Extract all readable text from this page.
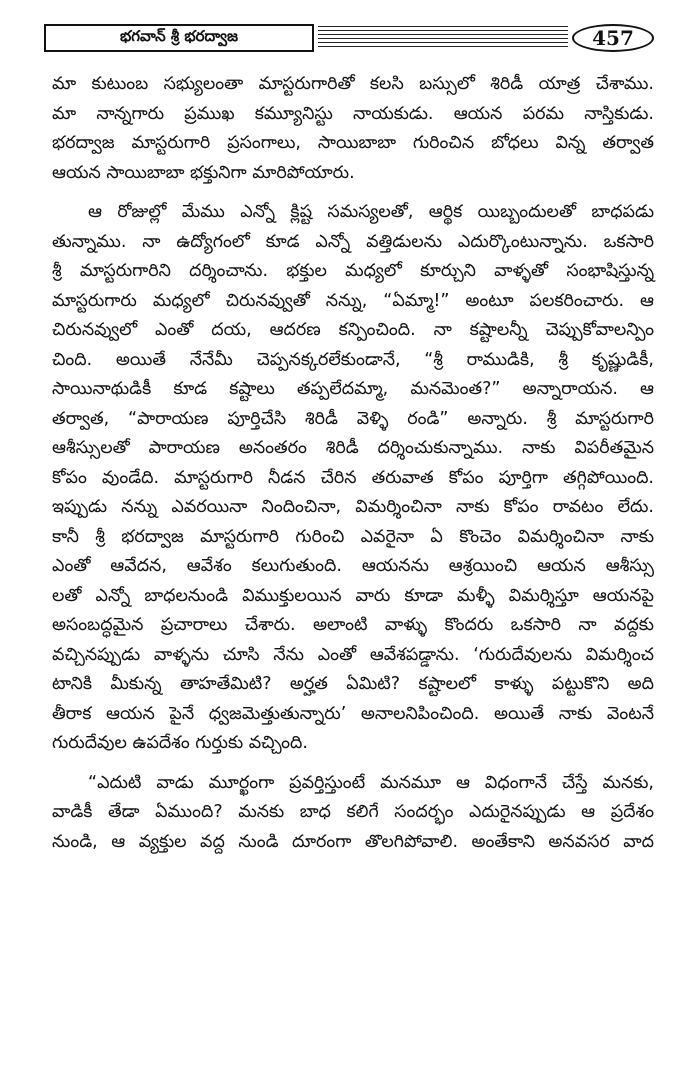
భగవాన్ శ్రీ భరద్వాజ	457
మా కుటుంబ సభ్యులంతా మాస్టరుగారితో కలసి బస్సులో శిరిడీ యాత్ర చేశాము.
మా నాన్నగారు ప్రముఖ కమ్యూనిస్టు నాయకుడు. ఆయన పరమ నాస్తికుడు.
భరద్వాజ మాస్టరుగారి ప్రసంగాలు, సాయిబాబా గురించిన బోధలు విన్న తర్వాత
ఆయన సాయిబాబా భక్తునిగా మారిపోయారు.
ఆ రోజుల్లో మేము ఎన్నో క్లిష్ట సమస్యలతో, ఆర్థిక యిబ్బందులతో బాధపడు
తున్నాము. నా ఉద్యోగంలో కూడ ఎన్నో వత్తిడులను ఎదుర్కొంటున్నాను. ఒకసారి
శ్రీ మాస్టరుగారిని దర్శించాను. భక్తుల మధ్యలో కూర్చుని వాళ్ళతో సంభాషిస్తున్న
మాస్టరుగారు మధ్యలో చిరునవ్వుతో నన్ను, “ఏమ్మా!” అంటూ పలకరించారు. ఆ
చిరునవ్వులో ఎంతో దయ, ఆదరణ కన్పించింది. నా కష్టాలన్నీ చెప్పుకోవాలన్పిం
చింది. అయితే నేనేమీ చెప్పనక్కరలేకుండానే, “శ్రీ రాముడికి, శ్రీ కృష్ణుడికీ,
సాయినాథుడికీ కూడ కష్టాలు తప్పలేదమ్మా, మనమెంత?” అన్నారాయన. ఆ
తర్వాత, “పారాయణ పూర్తిచేసి శిరిడీ వెళ్ళి రండి” అన్నారు. శ్రీ మాస్టరుగారి
ఆశీస్సులతో పారాయణ అనంతరం శిరిడీ దర్శించుకున్నాము. నాకు విపరీతమైన
కోపం వుండేది. మాస్టరుగారి నీడన చేరిన తరువాత కోపం పూర్తిగా తగ్గిపోయింది.
ఇప్పుడు నన్ను ఎవరయినా నిందించినా, విమర్శించినా నాకు కోపం రావటం లేదు.
కానీ శ్రీ భరద్వాజ మాస్టరుగారి గురించి ఎవరైనా ఏ కొంచెం విమర్శించినా నాకు
ఎంతో ఆవేదన, ఆవేశం కలుగుతుంది. ఆయనను ఆశ్రయించి ఆయన ఆశీస్సు
లతో ఎన్నో బాధలనుండి విముక్తులయిన వారు కూడా మళ్ళీ విమర్శిస్తూ ఆయనపై
అసంబద్ధమైన ప్రచారాలు చేశారు. అలాంటి వాళ్ళు కొందరు ఒకసారి నా వద్దకు
వచ్చినప్పుడు వాళ్ళను చూసి నేను ఎంతో ఆవేశపడ్డాను. ‘గురుదేవులను విమర్శించ
టానికి మీకున్న తాహతేమిటి? అర్హత ఏమిటి? కష్టాలలో కాళ్ళు పట్టుకొని అది
తీరాక ఆయన పైనే ధ్వజమెత్తుతున్నారు’ అనాలనిపించింది. అయితే నాకు వెంటనే
గురుదేవుల ఉపదేశం గుర్తుకు వచ్చింది.
“ఎదుటి వాడు మూర్ఖంగా ప్రవర్తిస్తుంటే మనమూ ఆ విధంగానే చేస్తే మనకు,
వాడికీ తేడా ఏముంది? మనకు బాధ కలిగే సందర్భం ఎదురైనప్పుడు ఆ ప్రదేశం
నుండి, ఆ వ్యక్తుల వద్ద నుండి దూరంగా తొలగిపోవాలి. అంతేకాని అనవసర వాద
